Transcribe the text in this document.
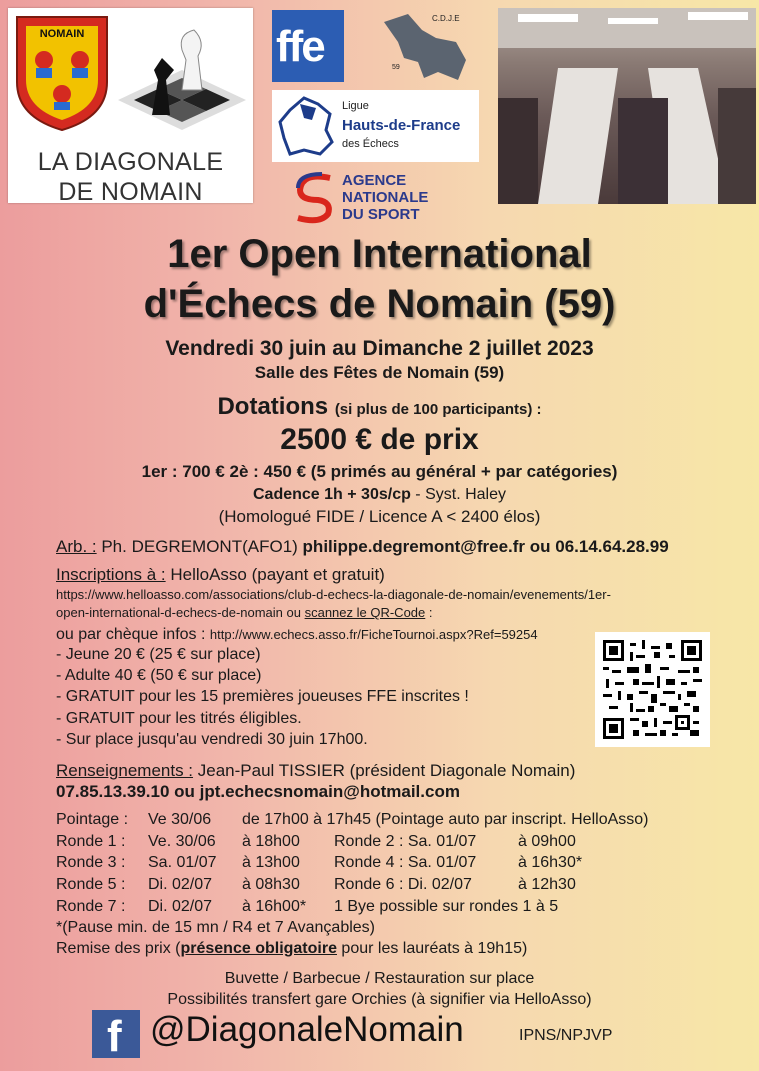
NOMAIN
LA DIAGONALE
DE NOMAIN
ffe
C.D.J.E
59
Ligue
Hauts-de-France
des Échecs
AGENCE
NATIONALE
DU SPORT
1er Open International
d'Échecs de Nomain (59)
Vendredi 30 juin au Dimanche 2 juillet 2023
Salle des Fêtes de Nomain (59)
Dotations (si plus de 100 participants) :
2500 € de prix
1er : 700 € 2è : 450 € (5 primés au général + par catégories)
Cadence 1h + 30s/cp - Syst. Haley
(Homologué FIDE / Licence A < 2400 élos)
Arb. : Ph. DEGREMONT(AFO1) philippe.degremont@free.fr ou 06.14.64.28.99
Inscriptions à : HelloAsso (payant et gratuit)
https://www.helloasso.com/associations/club-d-echecs-la-diagonale-de-nomain/evenements/1er-
open-international-d-echecs-de-nomain ou scannez le QR-Code :
ou par chèque infos : http://www.echecs.asso.fr/FicheTournoi.aspx?Ref=59254
- Jeune 20 € (25 € sur place)
- Adulte 40 € (50 € sur place)
- GRATUIT pour les 15 premières joueuses FFE inscrites !
- GRATUIT pour les titrés éligibles.
- Sur place jusqu'au vendredi 30 juin 17h00.
Renseignements : Jean-Paul TISSIER (président Diagonale Nomain)
07.85.13.39.10 ou jpt.echecsnomain@hotmail.com
Pointage : Ve 30/06 de 17h00 à 17h45 (Pointage auto par inscript. HelloAsso)
Ronde 1 : Ve. 30/06 à 18h00 Ronde 2 : Sa. 01/07	à 09h00
Ronde 3 : Sa. 01/07 à 13h00 Ronde 4 : Sa. 01/07	à 16h30*
Ronde 5 : Di. 02/07 à 08h30 Ronde 6 : Di. 02/07	à 12h30
Ronde 7 : Di. 02/07 à 16h00* 1 Bye possible sur rondes 1 à 5
*(Pause min. de 15 mn / R4 et 7 Avançables)
Remise des prix (présence obligatoire pour les lauréats à 19h15)
Buvette / Barbecue / Restauration sur place
Possibilités transfert gare Orchies (à signifier via HelloAsso)
f @DiagonaleNomain	IPNS/NPJVP
